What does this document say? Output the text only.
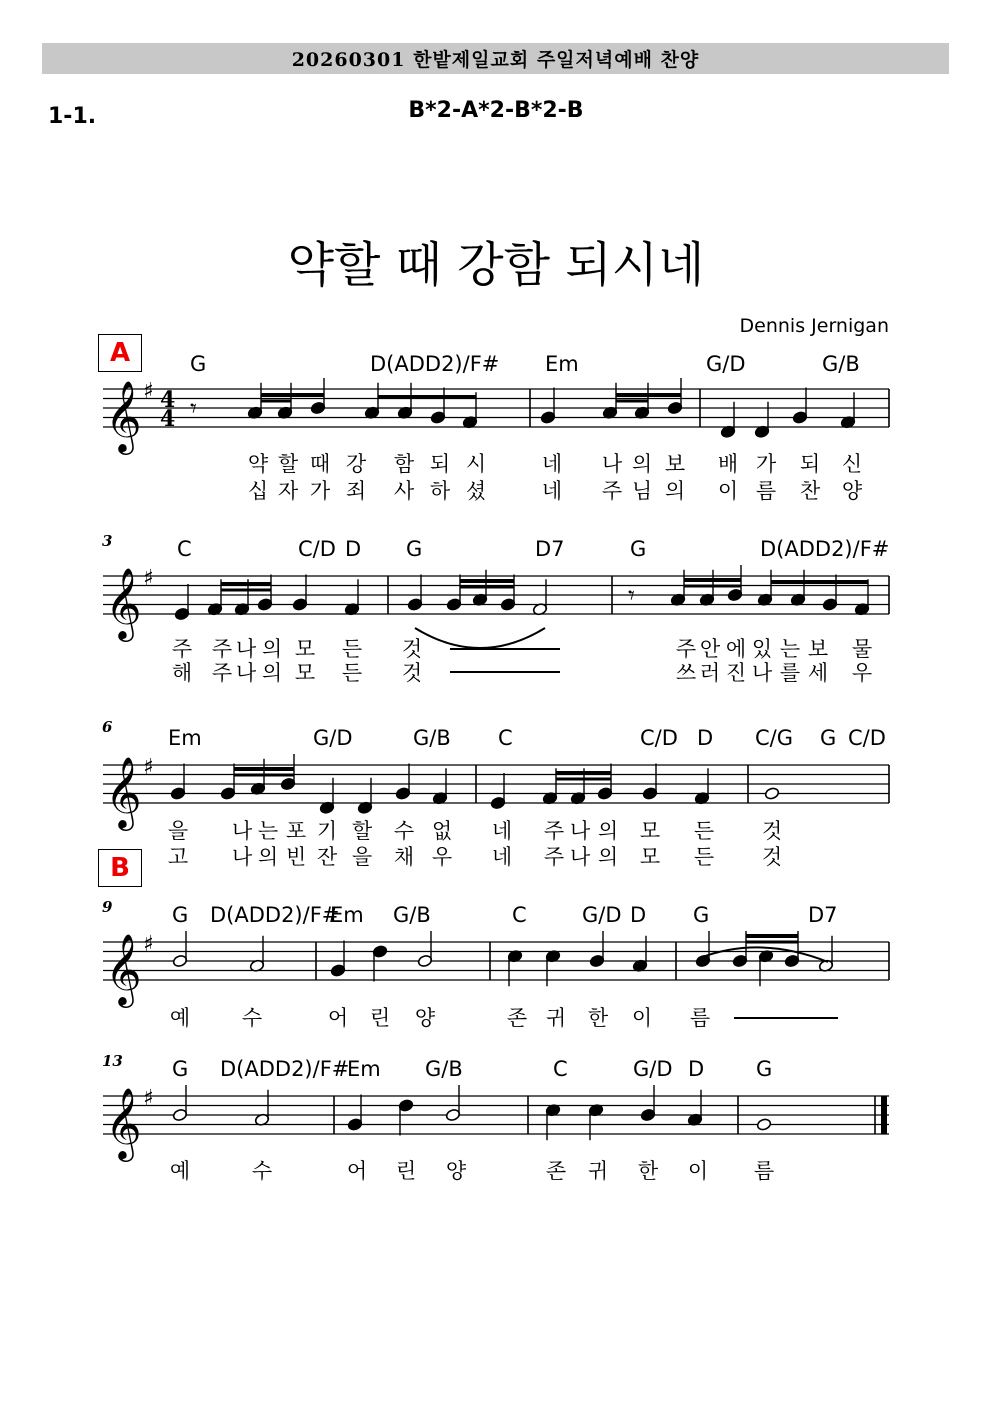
20260301 한밭제일교회 주일저녁예배 찬양
1-1.	B*2-A*2-B*2-B
약할 때 강함 되시네
Dennis Jernigan
A
B
3
6
9
13
G	D(ADD2)/F# Em	G/D	G/B
C	C/D D G	D7	G	D(ADD2)/F#
Em	G/D	G/B C	C/D D C/G G C/D
G D(ADD2)/F#
Em G/B	C	G/D D G	D7
G D(ADD2)/F#
Em G/B	C	G/D D G
𝄞 ♯ 4
4
𝄞 ♯
𝄞 ♯
𝄞 ♯
𝄞 ♯
𝄾
𝄾
약 할 때 강 함 되 시	네 나 의 보 배 가 되 신
십 자 가 죄 사 하 셨	네 주 님 의 이 름 찬 양
주 주 나 의 모 든 것	주 안 에 있 는 보 물
해 주 나 의 모 든 것	쓰 러 진 나 를 세 우
을 나 는 포 기 할 수 없 네 주 나 의 모 든 것
고 나 의 빈 잔 을 채 우 네 주 나 의 모 든 것
예 수	어 린 양	존 귀 한 이 름
예	수	어 린 양	존 귀 한 이 름
